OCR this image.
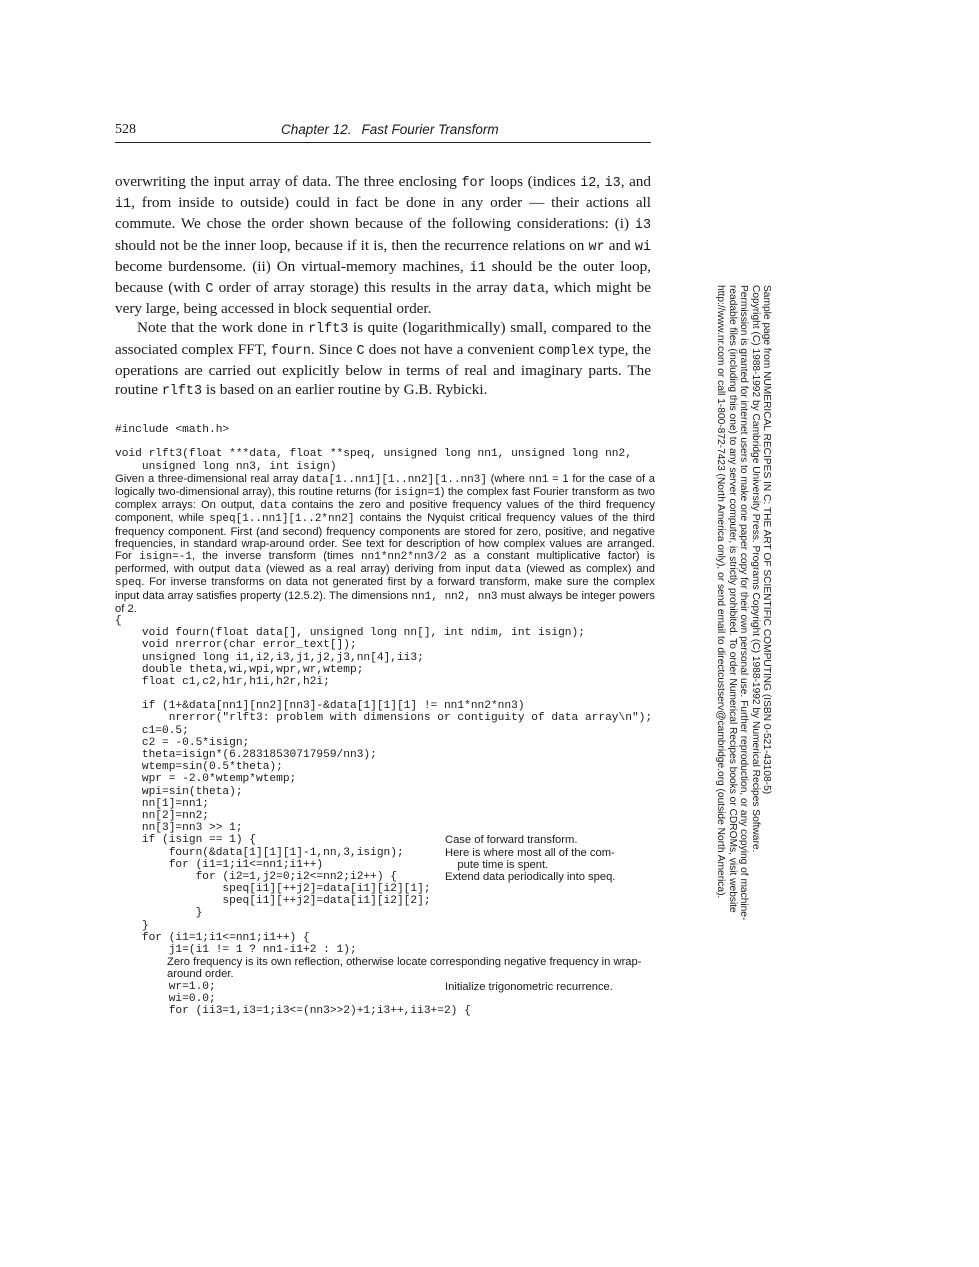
528	Chapter 12. Fast Fourier Transform

overwriting the input array of data. The three enclosing for loops (indices i2, i3, and i1, from inside to outside) could in fact be done in any order — their actions all commute. We chose the order shown because of the following considerations: (i) i3 should not be the inner loop, because if it is, then the recurrence relations on wr and wi become burdensome. (ii) On virtual-memory machines, i1 should be the outer loop, because (with C order of array storage) this results in the array data, which might be very large, being accessed in block sequential order.

Note that the work done in rlft3 is quite (logarithmically) small, compared to the associated complex FFT, fourn. Since C does not have a convenient complex type, the operations are carried out explicitly below in terms of real and imaginary parts. The routine rlft3 is based on an earlier routine by G.B. Rybicki.

#include <math.h>
void rlft3(float ***data, float **speq, unsigned long nn1, unsigned long nn2,
unsigned long nn3, int isign)
Given a three-dimensional real array data[1..nn1][1..nn2][1..nn3] (where nn1 = 1 for the case of a logically two-dimensional array), this routine returns (for isign=1) the complex fast Fourier transform as two complex arrays: On output, data contains the zero and positive frequency values of the third frequency component, while speq[1..nn1][1..2*nn2] contains the Nyquist critical frequency values of the third frequency component. First (and second) frequency components are stored for zero, positive, and negative frequencies, in standard wrap-around order. See text for description of how complex values are arranged. For isign=-1, the inverse transform (times nn1*nn2*nn3/2 as a constant multiplicative factor) is performed, with output data (viewed as a real array) deriving from input data (viewed as complex) and speq. For inverse transforms on data not generated first by a forward transform, make sure the complex input data array satisfies property (12.5.2). The dimensions nn1, nn2, nn3 must always be integer powers of 2.
{
void fourn(float data[], unsigned long nn[], int ndim, int isign);
void nrerror(char error_text[]);
unsigned long i1,i2,i3,j1,j2,j3,nn[4],ii3;
double theta,wi,wpi,wpr,wr,wtemp;
float c1,c2,h1r,h1i,h2r,h2i;
if (1+&data[nn1][nn2][nn3]-&data[1][1][1] != nn1*nn2*nn3)
nrerror("rlft3: problem with dimensions or contiguity of data array\n");
c1=0.5;
c2 = -0.5*isign;
theta=isign*(6.28318530717959/nn3);
wtemp=sin(0.5*theta);
wpr = -2.0*wtemp*wtemp;
wpi=sin(theta);
nn[1]=nn1;
nn[2]=nn2;
nn[3]=nn3 >> 1;
if (isign == 1) {	Case of forward transform.
fourn(&data[1][1][1]-1,nn,3,isign);	Here is where most all of the com-
for (i1=1;i1<=nn1;i1++)	pute time is spent.
for (i2=1,j2=0;i2<=nn2;i2++) {	Extend data periodically into speq.
speq[i1][++j2]=data[i1][i2][1];
speq[i1][++j2]=data[i1][i2][2];
}
}
for (i1=1;i1<=nn1;i1++) {
j1=(i1 != 1 ? nn1-i1+2 : 1);
Zero frequency is its own reflection, otherwise locate corresponding negative frequency in wrap-around order.
wr=1.0;	Initialize trigonometric recurrence.
wi=0.0;
for (ii3=1,i3=1;i3<=(nn3>>2)+1;i3++,ii3+=2) {
Sample page from NUMERICAL RECIPES IN C: THE ART OF SCIENTIFIC COMPUTING (ISBN 0-521-43108-5)
Copyright (C) 1988-1992 by Cambridge University Press. Programs Copyright (C) 1988-1992 by Numerical Recipes Software.
Permission is granted for internet users to make one paper copy for their own personal use. Further reproduction, or any copying of machine-
readable files (including this one) to any server computer, is strictly prohibited. To order Numerical Recipes books or CDROMs, visit website
http://www.nr.com or call 1-800-872-7423 (North America only), or send email to directcustserv@cambridge.org (outside North America).
